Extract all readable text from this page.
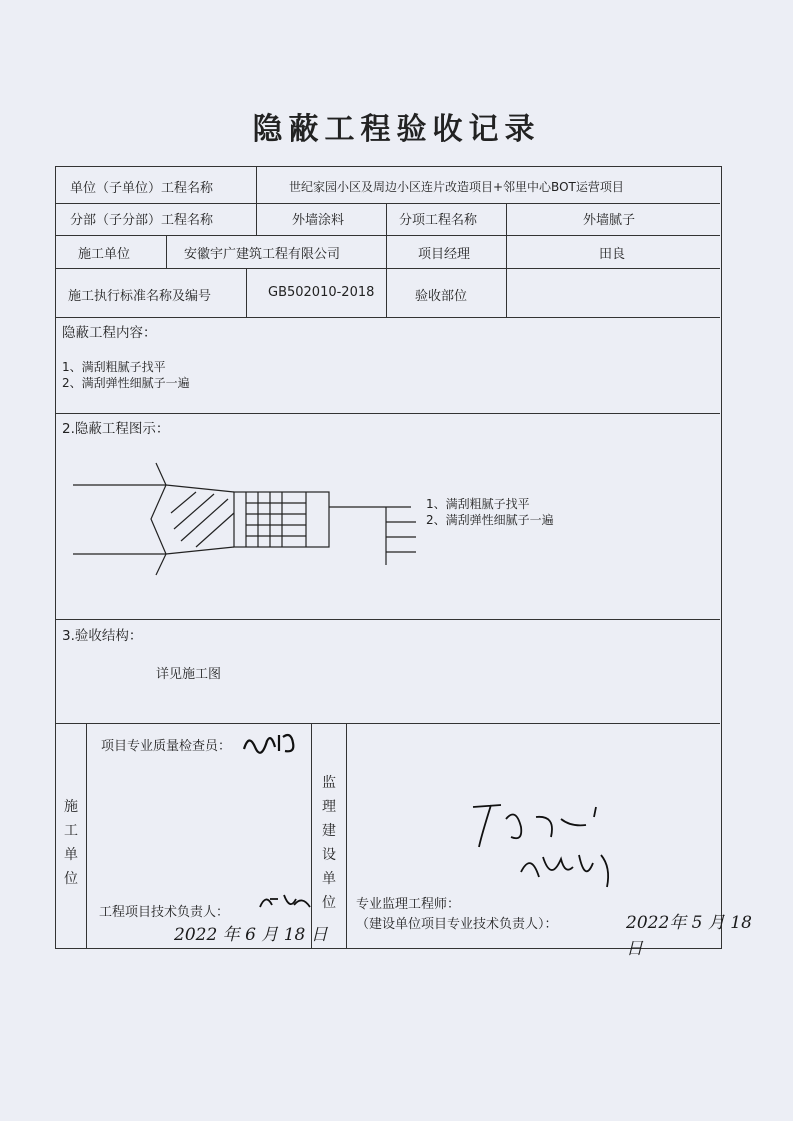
隐蔽工程验收记录
单位（子单位）工程名称	世纪家园小区及周边小区连片改造项目+邻里中心BOT运营项目
分部（子分部）工程名称	外墙涂料	分项工程名称	外墙腻子
施工单位	安徽宇广建筑工程有限公司	项目经理	田良
施工执行标准名称及编号	GB502010-2018	验收部位
隐蔽工程内容：
1、满刮粗腻子找平
2、满刮弹性细腻子一遍
2.隐蔽工程图示：
1、满刮粗腻子找平
2、满刮弹性细腻子一遍
3.验收结构：
详见施工图
施工单位
项目专业质量检查员：
工程项目技术负责人：
2022 年 6 月 18 日
监理建设单位 专业监理工程师：
（建设单位项目专业技术负责人）：	2022年 5 月 18日
